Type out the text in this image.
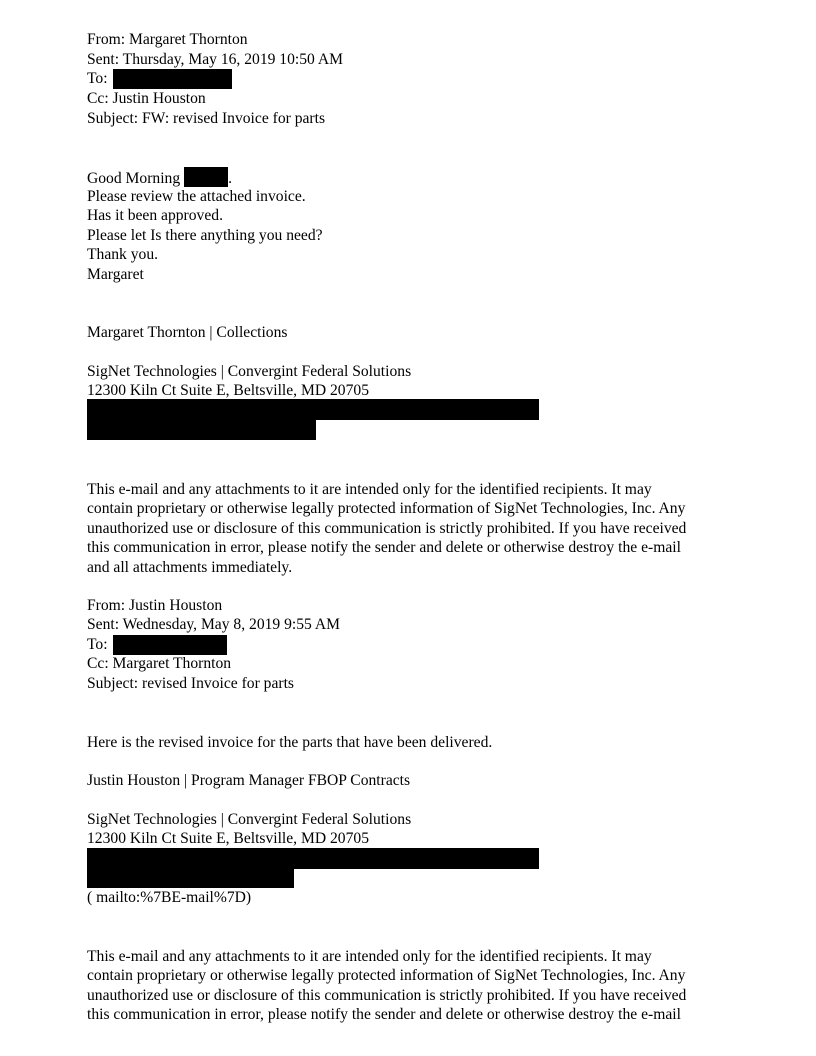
From: Margaret Thornton
Sent: Thursday, May 16, 2019 10:50 AM
To:
Cc: Justin Houston
Subject: FW: revised Invoice for parts
Good Morning	.
Please review the attached invoice.
Has it been approved.
Please let Is there anything you need?
Thank you.
Margaret
Margaret Thornton | Collections
SigNet Technologies | Convergint Federal Solutions
12300 Kiln Ct Suite E, Beltsville, MD 20705
This e-mail and any attachments to it are intended only for the identified recipients. It may
contain proprietary or otherwise legally protected information of SigNet Technologies, Inc. Any
unauthorized use or disclosure of this communication is strictly prohibited. If you have received
this communication in error, please notify the sender and delete or otherwise destroy the e-mail
and all attachments immediately.
From: Justin Houston
Sent: Wednesday, May 8, 2019 9:55 AM
To:
Cc: Margaret Thornton
Subject: revised Invoice for parts
Here is the revised invoice for the parts that have been delivered.
Justin Houston | Program Manager FBOP Contracts
SigNet Technologies | Convergint Federal Solutions
12300 Kiln Ct Suite E, Beltsville, MD 20705
( mailto:%7BE-mail%7D)
This e-mail and any attachments to it are intended only for the identified recipients. It may
contain proprietary or otherwise legally protected information of SigNet Technologies, Inc. Any
unauthorized use or disclosure of this communication is strictly prohibited. If you have received
this communication in error, please notify the sender and delete or otherwise destroy the e-mail
